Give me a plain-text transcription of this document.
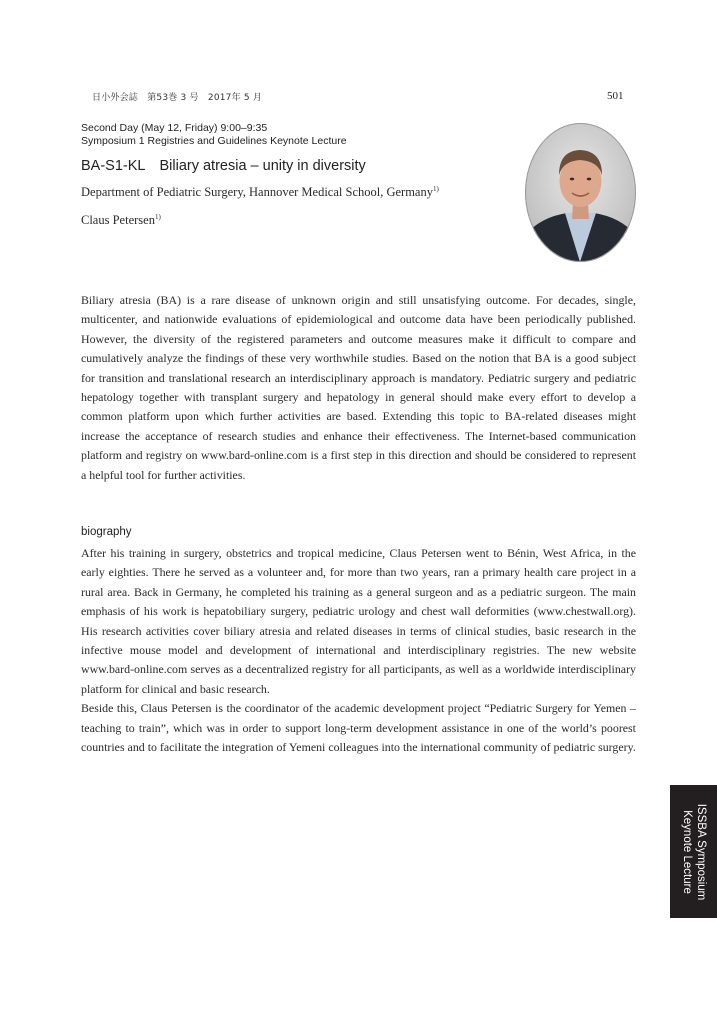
日小外会誌　第53巻 3 号　2017年 5 月	501
Second Day (May 12, Friday) 9:00–9:35
Symposium 1 Registries and Guidelines Keynote Lecture
BA-S1-KL Biliary atresia – unity in diversity
Department of Pediatric Surgery, Hannover Medical School, Germany$^{1)}$
Claus Petersen$^{1)}$

Biliary atresia (BA) is a rare disease of unknown origin and still unsatisfying outcome. For decades, single, multicenter, and nationwide evaluations of epidemiological and outcome data have been periodically published. However, the diversity of the registered parameters and outcome measures make it difficult to compare and cumulatively analyze the findings of these very worthwhile studies. Based on the notion that BA is a good subject for transition and translational research an interdisciplinary approach is mandatory. Pediatric surgery and pediatric hepatology together with transplant surgery and hepatology in general should make every effort to develop a common platform upon which further activities are based. Extending this topic to BA-related diseases might increase the acceptance of research studies and enhance their effectiveness. The Internet-based communication platform and registry on www.bard-online.com is a first step in this direction and should be considered to represent a helpful tool for further activities.

biography

After his training in surgery, obstetrics and tropical medicine, Claus Petersen went to Bénin, West Africa, in the early eighties. There he served as a volunteer and, for more than two years, ran a primary health care project in a rural area. Back in Germany, he completed his training as a general surgeon and as a pediatric surgeon. The main emphasis of his work is hepatobiliary surgery, pediatric urology and chest wall deformities (www.chestwall.org). His research activities cover biliary atresia and related diseases in terms of clinical studies, basic research in the infective mouse model and development of international and interdisciplinary registries. The new website www.bard-online.com serves as a decentralized registry for all participants, as well as a worldwide interdisciplinary platform for clinical and basic research.

Beside this, Claus Petersen is the coordinator of the academic development project “Pediatric Surgery for Yemen – teaching to train”, which was in order to support long-term development assistance in one of the world’s poorest countries and to facilitate the integration of Yemeni colleagues into the international community of pediatric surgery.

ISSBA Symposium
Keynote Lecture
